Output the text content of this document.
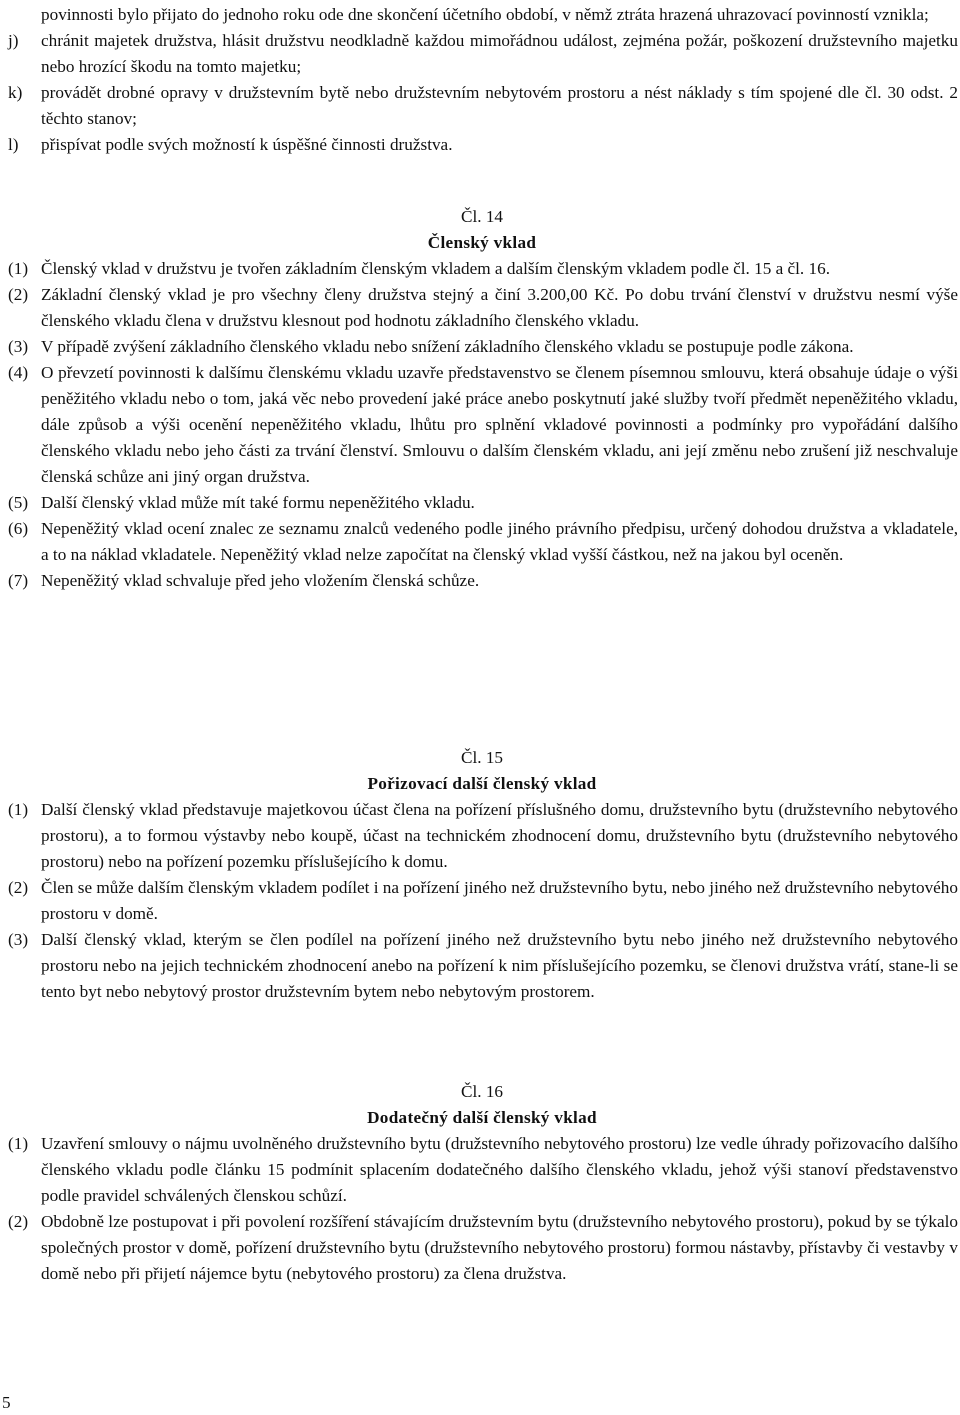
povinnosti bylo přijato do jednoho roku ode dne skončení účetního období, v němž ztráta hrazená uhrazovací povinností vznikla;
j) chránit majetek družstva, hlásit družstvu neodkladně každou mimořádnou událost, zejména požár, poškození družstevního majetku nebo hrozící škodu na tomto majetku;
k) provádět drobné opravy v družstevním bytě nebo družstevním nebytovém prostoru a nést náklady s tím spojené dle čl. 30 odst. 2 těchto stanov;
l) přispívat podle svých možností k úspěšné činnosti družstva.
Čl. 14
Členský vklad
(1) Členský vklad v družstvu je tvořen základním členským vkladem a dalším členským vkladem podle čl. 15 a čl. 16.
(2) Základní členský vklad je pro všechny členy družstva stejný a činí 3.200,00 Kč. Po dobu trvání členství v družstvu nesmí výše členského vkladu člena v družstvu klesnout pod hodnotu základního členského vkladu.
(3) V případě zvýšení základního členského vkladu nebo snížení základního členského vkladu se postupuje podle zákona.
(4) O převzetí povinnosti k dalšímu členskému vkladu uzavře představenstvo se členem písemnou smlouvu, která obsahuje údaje o výši peněžitého vkladu nebo o tom, jaká věc nebo provedení jaké práce anebo poskytnutí jaké služby tvoří předmět nepeněžitého vkladu, dále způsob a výši ocenění nepeněžitého vkladu, lhůtu pro splnění vkladové povinnosti a podmínky pro vypořádání dalšího členského vkladu nebo jeho části za trvání členství. Smlouvu o dalším členském vkladu, ani její změnu nebo zrušení již neschvaluje členská schůze ani jiný organ družstva.
(5) Další členský vklad může mít také formu nepeněžitého vkladu.
(6) Nepeněžitý vklad ocení znalec ze seznamu znalců vedeného podle jiného právního předpisu, určený dohodou družstva a vkladatele, a to na náklad vkladatele. Nepeněžitý vklad nelze započítat na členský vklad vyšší částkou, než na jakou byl oceněn.
(7) Nepeněžitý vklad schvaluje před jeho vložením členská schůze.
Čl. 15
Pořizovací další členský vklad
(1) Další členský vklad představuje majetkovou účast člena na pořízení příslušného domu, družstevního bytu (družstevního nebytového prostoru), a to formou výstavby nebo koupě, účast na technickém zhodnocení domu, družstevního bytu (družstevního nebytového prostoru) nebo na pořízení pozemku příslušejícího k domu.
(2) Člen se může dalším členským vkladem podílet i na pořízení jiného než družstevního bytu, nebo jiného než družstevního nebytového prostoru v domě.
(3) Další členský vklad, kterým se člen podílel na pořízení jiného než družstevního bytu nebo jiného než družstevního nebytového prostoru nebo na jejich technickém zhodnocení anebo na pořízení k nim příslušejícího pozemku, se členovi družstva vrátí, stane-li se tento byt nebo nebytový prostor družstevním bytem nebo nebytovým prostorem.
Čl. 16
Dodatečný další členský vklad
(1) Uzavření smlouvy o nájmu uvolněného družstevního bytu (družstevního nebytového prostoru) lze vedle úhrady pořizovacího dalšího členského vkladu podle článku 15 podmínit splacením dodatečného dalšího členského vkladu, jehož výši stanoví představenstvo podle pravidel schválených členskou schůzí.
(2) Obdobně lze postupovat i při povolení rozšíření stávajícím družstevním bytu (družstevního nebytového prostoru), pokud by se týkalo společných prostor v domě, pořízení družstevního bytu (družstevního nebytového prostoru) formou nástavby, přístavby či vestavby v domě nebo při přijetí nájemce bytu (nebytového prostoru) za člena družstva.
5
